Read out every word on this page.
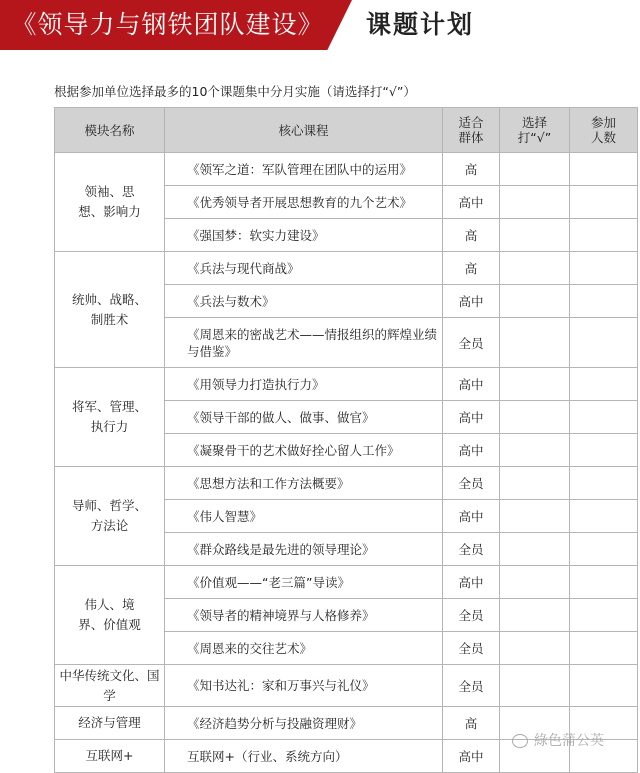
《领导力与钢铁团队建设》	课题计划
根据参加单位选择最多的10个课题集中分月实施（请选择打“√”）
模块名称	核心课程	适合群体	选择打“√”	参加人数
领袖、思想、影响力	《领军之道：军队管理在团队中的运用》	高		

	《优秀领导者开展思想教育的九个艺术》	高中		

	《强国梦：软实力建设》	高		
统帅、战略、制胜术	《兵法与现代商战》	高		

	《兵法与数术》	高中		

	《周恩来的密战艺术——情报组织的辉煌业绩与借鉴》	全员		
将军、管理、执行力	《用领导力打造执行力》	高中		

	《领导干部的做人、做事、做官》	高中		

	《凝聚骨干的艺术做好拴心留人工作》	高中		
导师、哲学、方法论	《思想方法和工作方法概要》	全员		

	《伟人智慧》	高中		

	《群众路线是最先进的领导理论》	全员		
伟人、境界、价值观	《价值观——“老三篇”导读》	高中		

	《领导者的精神境界与人格修养》	全员		

	《周恩来的交往艺术》	全员		
中华传统文化、国学	《知书达礼：家和万事兴与礼仪》	全员		
经济与管理	《经济趋势分析与投融资理财》	高		
互联网+	互联网+（行业、系统方向）	高中		
綠色蒲公英
